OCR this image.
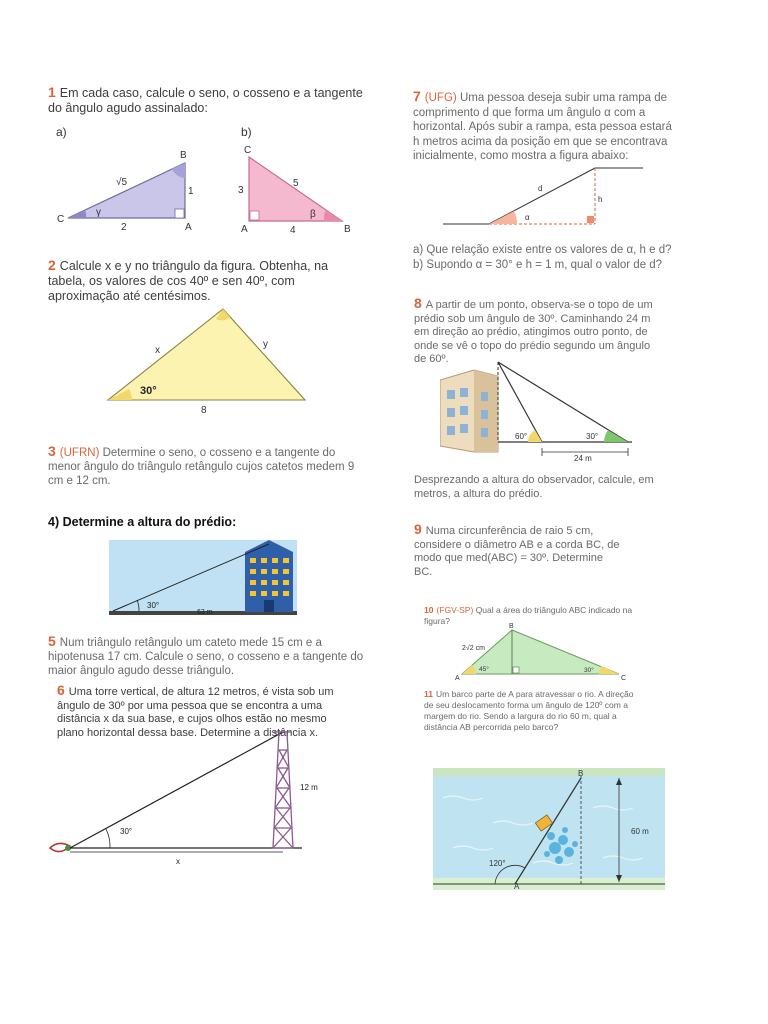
1 Em cada caso, calcule o seno, o cosseno e a tangente do ângulo agudo assinalado:
a)
C
B
A
√5
1
2
γ
b)
C
A	B
3
5
4
β
2 Calcule x e y no triângulo da figura. Obtenha, na tabela, os valores de cos 40º e sen 40º, com aproximação até centésimos.
x
y
30°
8
3 (UFRN) Determine o seno, o cosseno e a tangente do menor ângulo do triângulo retângulo cujos catetos medem 9 cm e 12 cm.
4) Determine a altura do prédio:
30°
63 m
5 Num triângulo retângulo um cateto mede 15 cm e a hipotenusa 17 cm. Calcule o seno, o cosseno e a tangente do maior ângulo agudo desse triângulo.
6 Uma torre vertical, de altura 12 metros, é vista sob um ângulo de 30º por uma pessoa que se encontra a uma distância x da sua base, e cujos olhos estão no mesmo plano horizontal dessa base. Determine a distância x.
12 m
30°
x
7 (UFG) Uma pessoa deseja subir uma rampa de comprimento d que forma um ângulo α com a horizontal. Após subir a rampa, esta pessoa estará h metros acima da posição em que se encontrava inicialmente, como mostra a figura abaixo:
d
h
α
a) Que relação existe entre os valores de α, h e d?
b) Supondo α = 30° e h = 1 m, qual o valor de d?
8 A partir de um ponto, observa-se o topo de um prédio sob um ângulo de 30º. Caminhando 24 m em direção ao prédio, atingimos outro ponto, de onde se vê o topo do prédio segundo um ângulo de 60º.
60°	30°
24 m
Desprezando a altura do observador, calcule, em metros, a altura do prédio.
9 Numa circunferência de raio 5 cm, considere o diâmetro AB e a corda BC, de modo que med(ABC) = 30º. Determine BC.
10 (FGV-SP) Qual a área do triângulo ABC indicado na figura?
A
B
C
2√2 cm
45°	30°
11 Um barco parte de A para atravessar o rio. A direção de seu deslocamento forma um ângulo de 120º com a margem do rio. Sendo a largura do rio 60 m, qual a distância AB percorrida pelo barco?
B
A
60 m
120°
